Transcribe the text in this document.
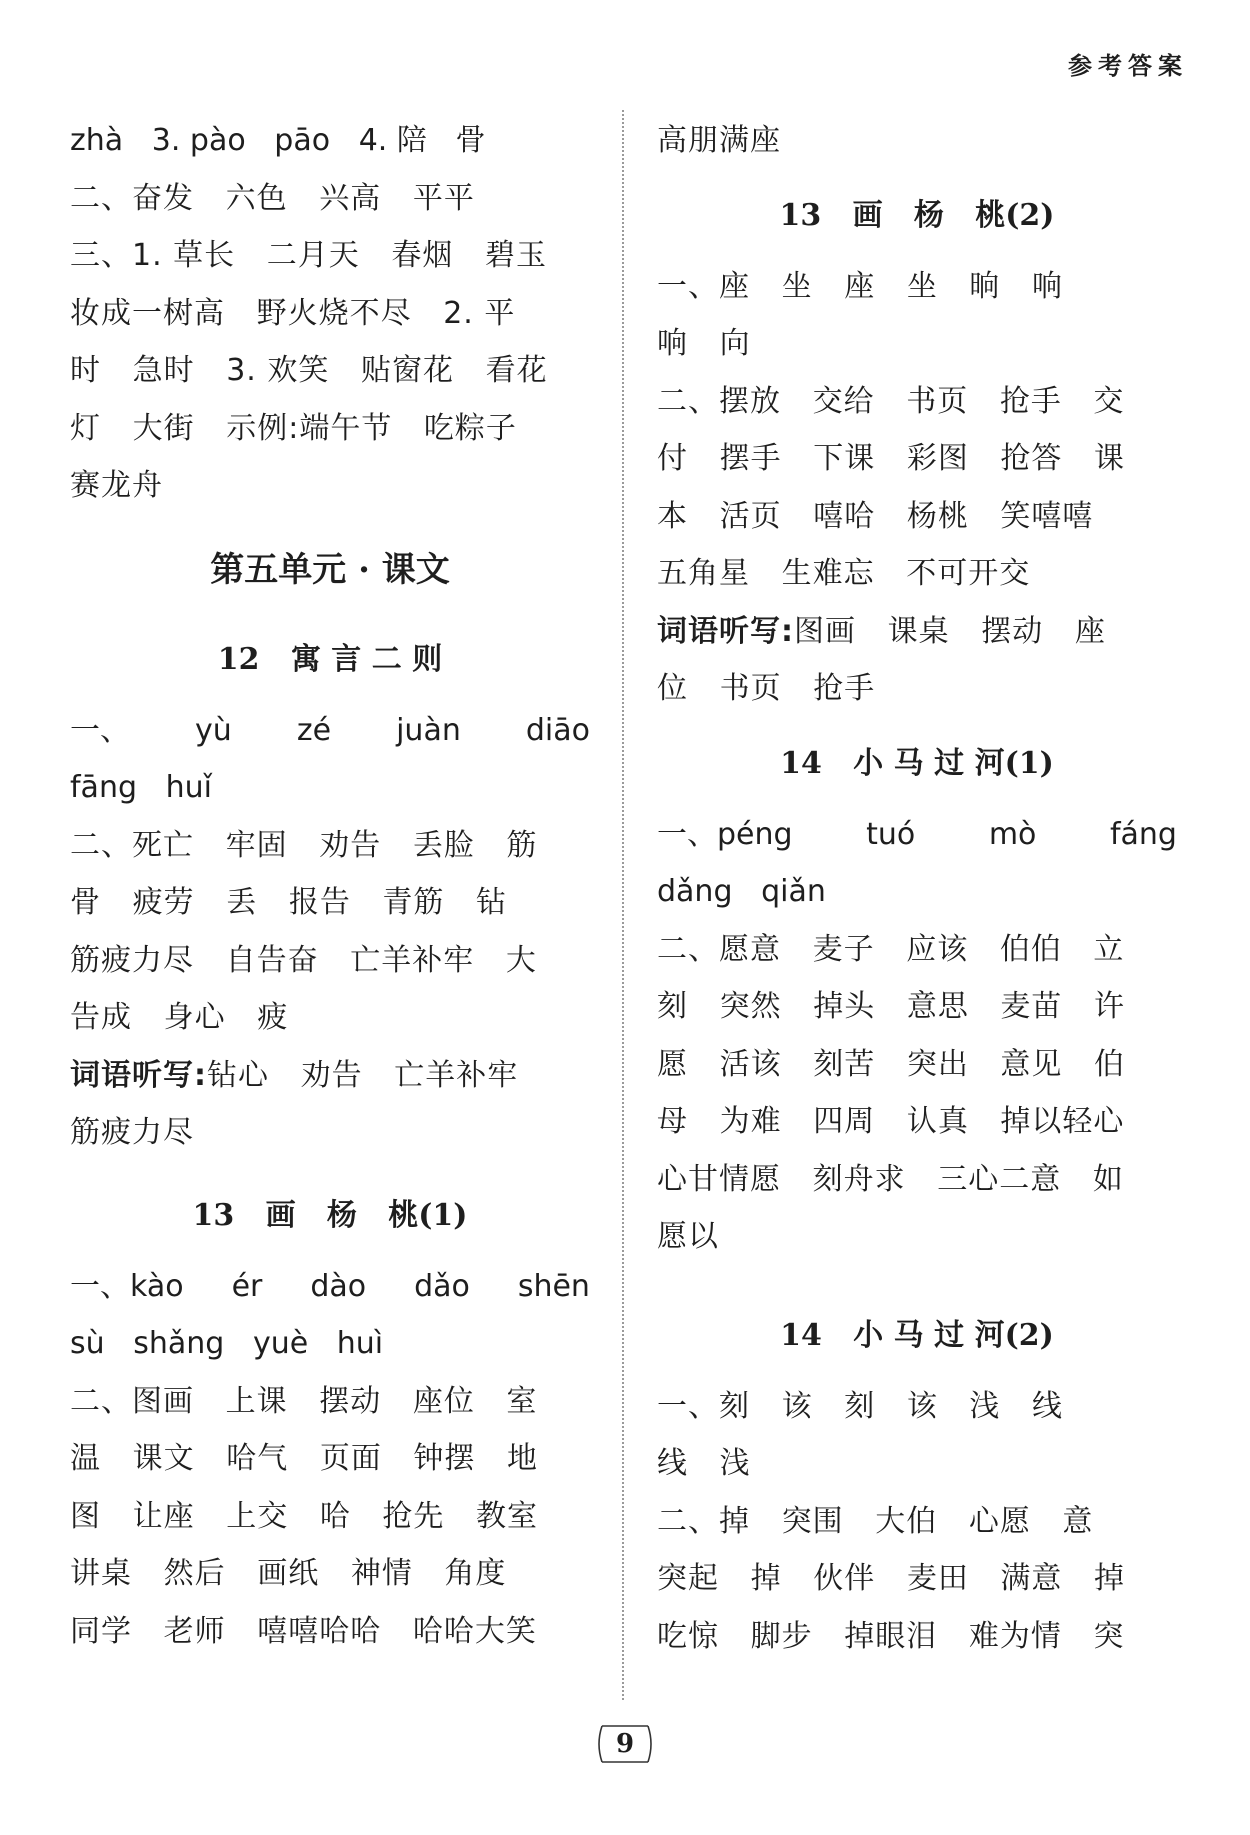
参考答案
zhà   3. pào   pāo   4. 陪   骨
二、奋发   六色   兴高   平平
三、1. 草长   二月天   春烟   碧玉
妆成一树高   野火烧不尽   2. 平
时   急时   3. 欢笑   贴窗花   看花
灯   大街   示例:端午节   吃粽子
赛龙舟
第五单元 · 课文
12   寓 言 二 则
一、 yù zé juàn diāo
fāng   huǐ
二、死亡   牢固   劝告   丢脸   筋
骨   疲劳   丢   报告   青筋   钻
筋疲力尽   自告奋   亡羊补牢   大
告成   身心   疲
词语听写:钻心   劝告   亡羊补牢
筋疲力尽
13   画   杨   桃(1)
一、kào ér dào dǎo shēn
sù   shǎng   yuè   huì
二、图画   上课   摆动   座位   室
温   课文   哈气   页面   钟摆   地
图   让座   上交   哈   抢先   教室
讲桌   然后   画纸   神情   角度
同学   老师   嘻嘻哈哈   哈哈大笑
高朋满座
13   画   杨   桃(2)
一、座   坐   座   坐   晌   响
响   向
二、摆放   交给   书页   抢手   交
付   摆手   下课   彩图   抢答   课
本   活页   嘻哈   杨桃   笑嘻嘻
五角星   生难忘   不可开交
词语听写:图画   课桌   摆动   座
位   书页   抢手
14   小 马 过 河(1)
一、péng tuó mò fáng
dǎng   qiǎn
二、愿意   麦子   应该   伯伯   立
刻   突然   掉头   意思   麦苗   许
愿   活该   刻苦   突出   意见   伯
母   为难   四周   认真   掉以轻心
心甘情愿   刻舟求   三心二意   如
愿以
14   小 马 过 河(2)
一、刻   该   刻   该   浅   线
线   浅
二、掉   突围   大伯   心愿   意
突起   掉   伙伴   麦田   满意   掉
吃惊   脚步   掉眼泪   难为情   突
9
